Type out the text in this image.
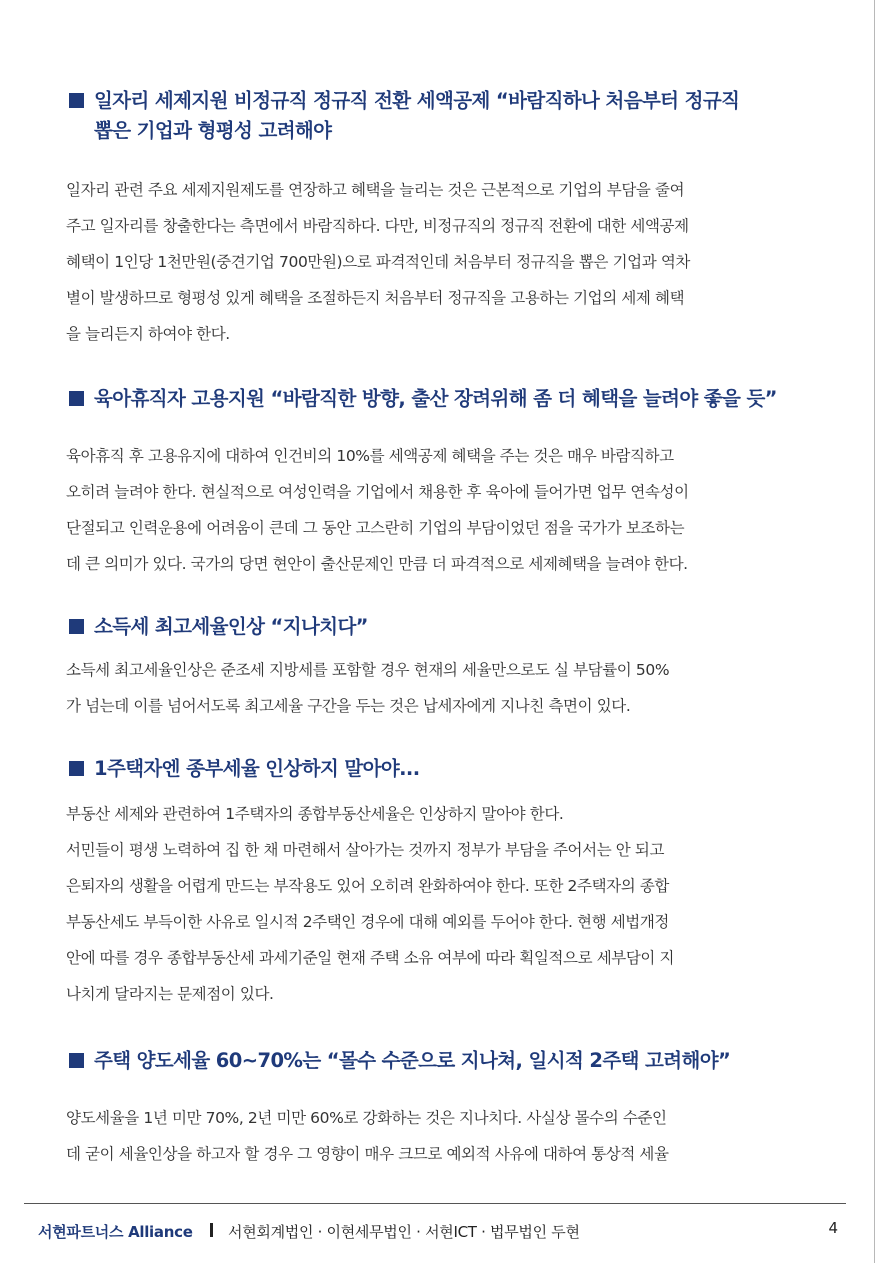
일자리 세제지원 비정규직 정규직 전환 세액공제 “바람직하나 처음부터 정규직
뽑은 기업과 형평성 고려해야

일자리 관련 주요 세제지원제도를 연장하고 혜택을 늘리는 것은 근본적으로 기업의 부담을 줄여
주고 일자리를 창출한다는 측면에서 바람직하다. 다만, 비정규직의 정규직 전환에 대한 세액공제
혜택이 1인당 1천만원(중견기업 700만원)으로 파격적인데 처음부터 정규직을 뽑은 기업과 역차
별이 발생하므로 형평성 있게 혜택을 조절하든지 처음부터 정규직을 고용하는 기업의 세제 혜택
을 늘리든지 하여야 한다.

육아휴직자 고용지원 “바람직한 방향, 출산 장려위해 좀 더 혜택을 늘려야 좋을 듯”

육아휴직 후 고용유지에 대하여 인건비의 10%를 세액공제 혜택을 주는 것은 매우 바람직하고
오히려 늘려야 한다. 현실적으로 여성인력을 기업에서 채용한 후 육아에 들어가면 업무 연속성이
단절되고 인력운용에 어려움이 큰데 그 동안 고스란히 기업의 부담이었던 점을 국가가 보조하는
데 큰 의미가 있다. 국가의 당면 현안이 출산문제인 만큼 더 파격적으로 세제혜택을 늘려야 한다.

소득세 최고세율인상 “지나치다”

소득세 최고세율인상은 준조세 지방세를 포함할 경우 현재의 세율만으로도 실 부담률이 50%
가 넘는데 이를 넘어서도록 최고세율 구간을 두는 것은 납세자에게 지나친 측면이 있다.

1주택자엔 종부세율 인상하지 말아야...

부동산 세제와 관련하여 1주택자의 종합부동산세율은 인상하지 말아야 한다.
서민들이 평생 노력하여 집 한 채 마련해서 살아가는 것까지 정부가 부담을 주어서는 안 되고
은퇴자의 생활을 어렵게 만드는 부작용도 있어 오히려 완화하여야 한다. 또한 2주택자의 종합
부동산세도 부득이한 사유로 일시적 2주택인 경우에 대해 예외를 두어야 한다. 현행 세법개정
안에 따를 경우 종합부동산세 과세기준일 현재 주택 소유 여부에 따라 획일적으로 세부담이 지
나치게 달라지는 문제점이 있다.

주택 양도세율 60~70%는 “몰수 수준으로 지나쳐, 일시적 2주택 고려해야”

양도세율을 1년 미만 70%, 2년 미만 60%로 강화하는 것은 지나치다. 사실상 몰수의 수준인
데 굳이 세율인상을 하고자 할 경우 그 영향이 매우 크므로 예외적 사유에 대하여 통상적 세율

서현파트너스 Alliance 서현회계법인 · 이현세무법인 · 서현ICT · 법무법인 두현	4
